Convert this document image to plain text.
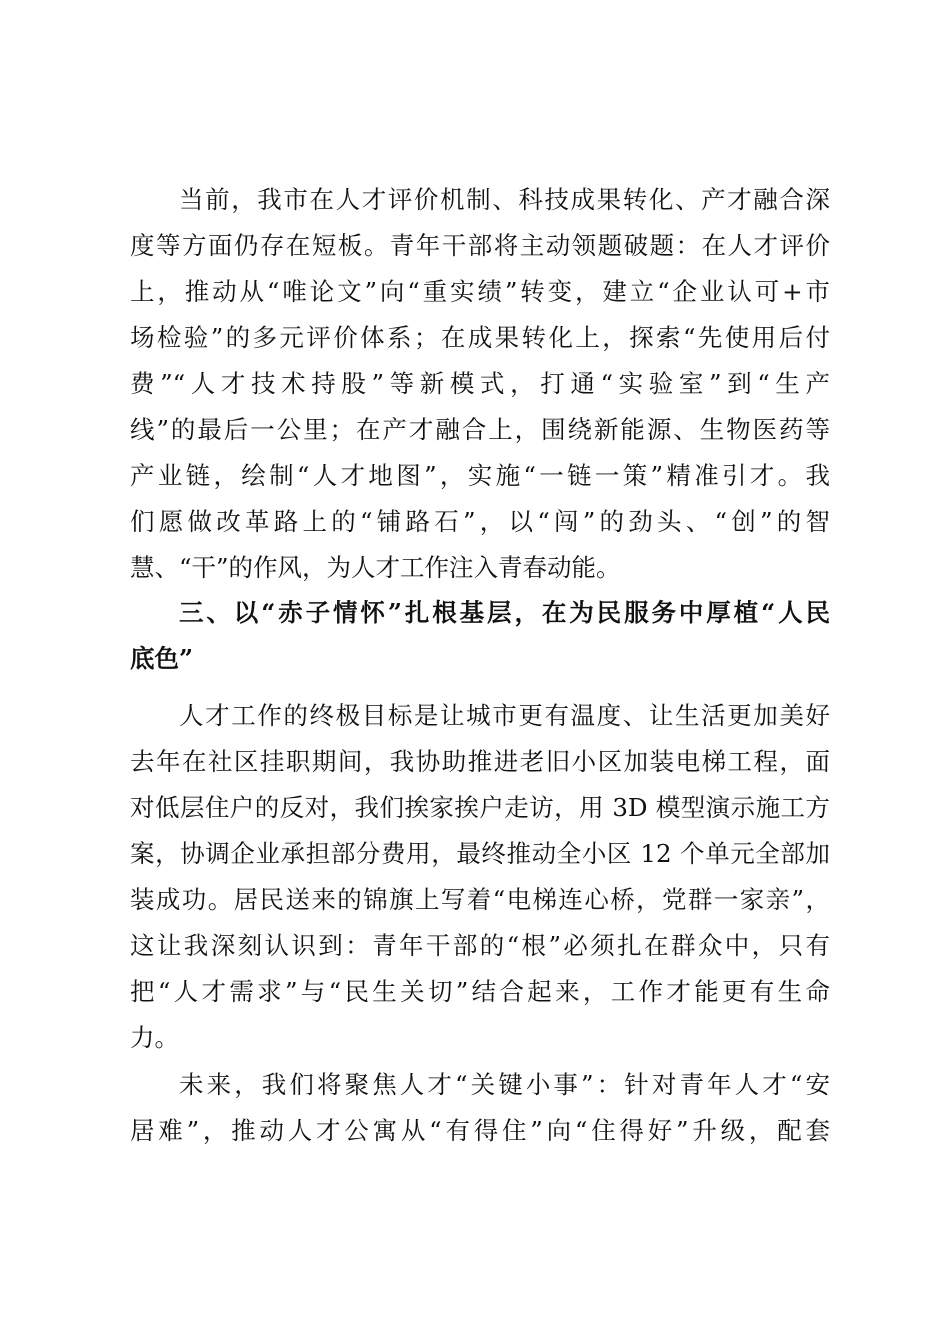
当前，我市在人才评价机制、科技成果转化、产才融合深
度等方面仍存在短板。青年干部将主动领题破题：在人才评价
上，推动从“唯论文”向“重实绩”转变，建立“企业认可+市
场检验”的多元评价体系；在成果转化上，探索“先使用后付
费”“人才技术持股”等新模式，打通“实验室”到“生产
线”的最后一公里；在产才融合上，围绕新能源、生物医药等
产业链，绘制“人才地图”，实施“一链一策”精准引才。我
们愿做改革路上的“铺路石”，以“闯”的劲头、“创”的智
慧、“干”的作风，为人才工作注入青春动能。
三、以“赤子情怀”扎根基层，在为民服务中厚植“人民
底色”
人才工作的终极目标是让城市更有温度、让生活更加美好
去年在社区挂职期间，我协助推进老旧小区加装电梯工程，面
对低层住户的反对，我们挨家挨户走访，用 3D 模型演示施工方
案，协调企业承担部分费用，最终推动全小区 12 个单元全部加
装成功。居民送来的锦旗上写着“电梯连心桥，党群一家亲”，
这让我深刻认识到：青年干部的“根”必须扎在群众中，只有
把“人才需求”与“民生关切”结合起来，工作才能更有生命
力。
未来，我们将聚焦人才“关键小事”：针对青年人才“安
居难”，推动人才公寓从“有得住”向“住得好”升级，配套
